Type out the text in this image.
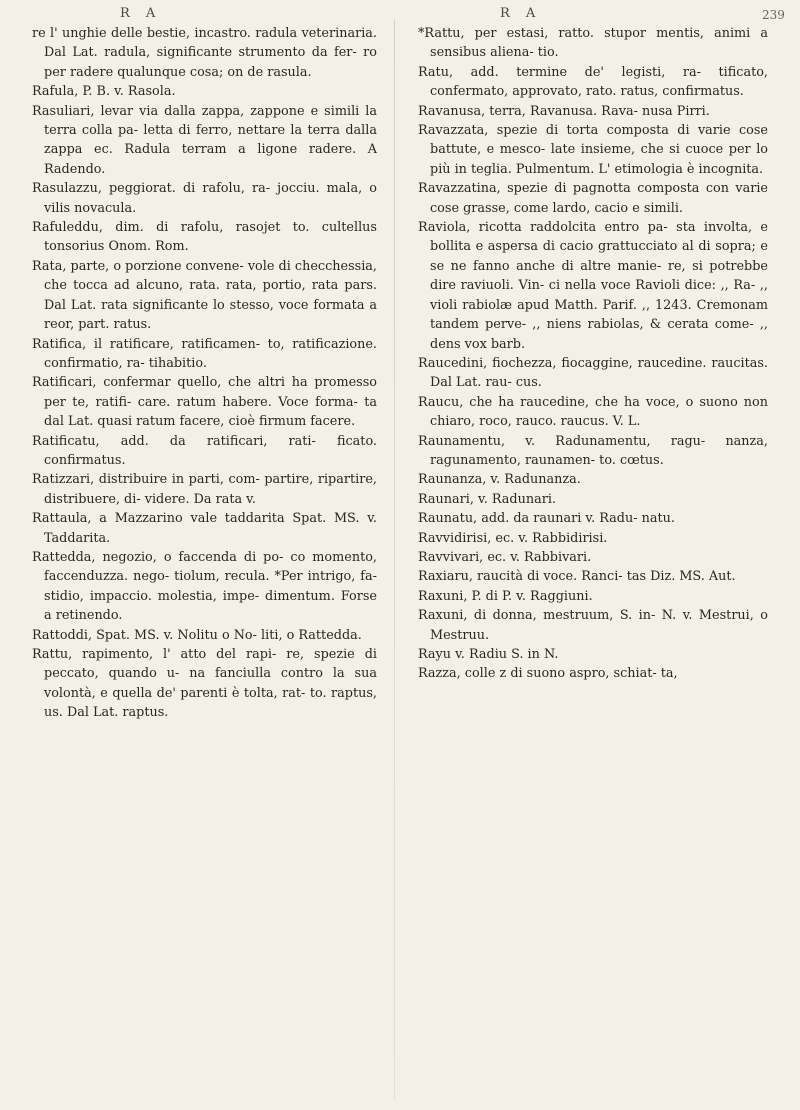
R A	R A	239

re l' unghie delle bestie, incastro. radula veterinaria. Dal Lat. radula, significante strumento da fer- ro per radere qualunque cosa; on de rasula.

Rafula, P. B. v. Rasola.

Rasuliari, levar via dalla zappa, zappone e simili la terra colla pa- letta di ferro, nettare la terra dalla zappa ec. Radula terram a ligone radere. A Radendo.

Rasulazzu, peggiorat. di rafolu, ra- jocciu. mala, o vilis novacula.

Rafuleddu, dim. di rafolu, rasojet to. cultellus tonsorius Onom. Rom.

Rata, parte, o porzione convene- vole di checchessia, che tocca ad alcuno, rata. rata, portio, rata pars. Dal Lat. rata significante lo stesso, voce formata a reor, part. ratus.

Ratifica, il ratificare, ratificamen- to, ratificazione. confirmatio, ra- tihabitio.

Ratificari, confermar quello, che altri ha promesso per te, ratifi- care. ratum habere. Voce forma- ta dal Lat. quasi ratum facere, cioè firmum facere.

Ratificatu, add. da ratificari, rati- ficato. confirmatus.

Ratizzari, distribuire in parti, com- partire, ripartire, distribuere, di- videre. Da rata v.

Rattaula, a Mazzarino vale taddarita Spat. MS. v. Taddarita.

Rattedda, negozio, o faccenda di po- co momento, faccenduzza. nego- tiolum, recula. *Per intrigo, fa- stidio, impaccio. molestia, impe- dimentum. Forse a retinendo.

Rattoddi, Spat. MS. v. Nolitu o No- liti, o Rattedda.

Rattu, rapimento, l' atto del rapi- re, spezie di peccato, quando u- na fanciulla contro la sua volontà, e quella de' parenti è tolta, rat- to. raptus, us. Dal Lat. raptus.

*Rattu, per estasi, ratto. stupor mentis, animi a sensibus aliena- tio.

Ratu, add. termine de' legisti, ra- tificato, confermato, approvato, rato. ratus, confirmatus.

Ravanusa, terra, Ravanusa. Rava- nusa Pirri.

Ravazzata, spezie di torta composta di varie cose battute, e mesco- late insieme, che si cuoce per lo più in teglia. Pulmentum. L' etimologia è incognita.

Ravazzatina, spezie di pagnotta composta con varie cose grasse, come lardo, cacio e simili.

Raviola, ricotta raddolcita entro pa- sta involta, e bollita e aspersa di cacio grattucciato al di sopra; e se ne fanno anche di altre manie- re, si potrebbe dire raviuoli. Vin- ci nella voce Ravioli dice: ,, Ra- ,, violi rabiolæ apud Matth. Parif. ,, 1243. Cremonam tandem perve- ,, niens rabiolas, & cerata come- ,, dens vox barb.

Raucedini, fiochezza, fiocaggine, raucedine. raucitas. Dal Lat. rau- cus.

Raucu, che ha raucedine, che ha voce, o suono non chiaro, roco, rauco. raucus. V. L.

Raunamentu, v. Radunamentu, ragu- nanza, ragunamento, raunamen- to. cœtus.

Raunanza, v. Radunanza.

Raunari, v. Radunari.

Raunatu, add. da raunari v. Radu- natu.

Ravvidirisi, ec. v. Rabbidirisi.

Ravvivari, ec. v. Rabbivari.

Raxiaru, raucità di voce. Ranci- tas Diz. MS. Aut.

Raxuni, P. di P. v. Raggiuni.

Raxuni, di donna, mestruum, S. in- N. v. Mestrui, o Mestruu.

Rayu v. Radiu S. in N.

Razza, colle z di suono aspro, schiat- ta,
